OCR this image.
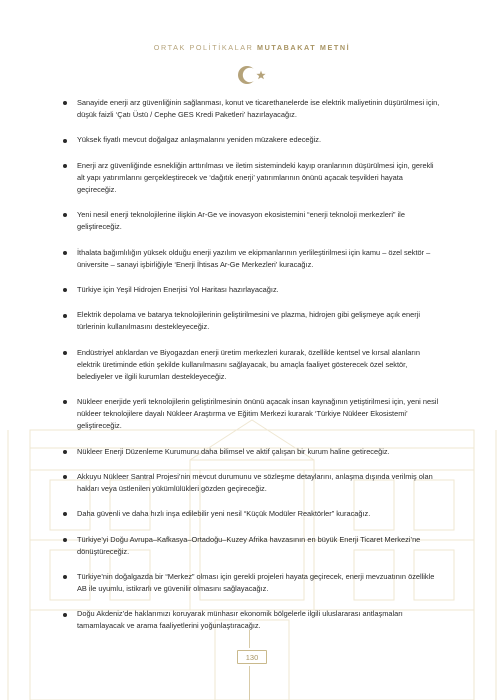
ORTAK POLİTİKALAR MUTABAKAT METNİ
Sanayide enerji arz güvenliğinin sağlanması, konut ve ticarethanelerde ise elektrik maliyetinin düşürülmesi için, düşük faizli ‘Çatı Üstü / Cephe GES Kredi Paketleri’ hazırlayacağız.
Yüksek fiyatlı mevcut doğalgaz anlaşmalarını yeniden müzakere edeceğiz.
Enerji arz güvenliğinde esnekliğin arttırılması ve iletim sistemindeki kayıp oranlarının düşürülmesi için, gerekli alt yapı yatırımlarını gerçekleştirecek ve ‘dağıtık enerji’ yatırımlarının önünü açacak teşvikleri hayata geçireceğiz.
Yeni nesil enerji teknolojilerine ilişkin Ar-Ge ve inovasyon ekosistemini “enerji teknoloji merkezleri” ile geliştireceğiz.
İthalata bağımlılığın yüksek olduğu enerji yazılım ve ekipmanlarının yerlileştirilmesi için kamu – özel sektör – üniversite – sanayi işbirliğiyle ‘Enerji İhtisas Ar-Ge Merkezleri’ kuracağız.
Türkiye için Yeşil Hidrojen Enerjisi Yol Haritası hazırlayacağız.
Elektrik depolama ve batarya teknolojilerinin geliştirilmesini ve plazma, hidrojen gibi gelişmeye açık enerji türlerinin kullanılmasını destekleyeceğiz.
Endüstriyel atıklardan ve Biyogazdan enerji üretim merkezleri kurarak, özellikle kentsel ve kırsal alanların elektrik üretiminde etkin şekilde kullanılmasını sağlayacak, bu amaçla faaliyet gösterecek özel sektör, belediyeler ve ilgili kurumları destekleyeceğiz.
Nükleer enerjide yerli teknolojilerin geliştirilmesinin önünü açacak insan kaynağının yetiştirilmesi için, yeni nesil nükleer teknolojilere dayalı Nükleer Araştırma ve Eğitim Merkezi kurarak ‘Türkiye Nükleer Ekosistemi’ geliştireceğiz.
Nükleer Enerji Düzenleme Kurumunu daha bilimsel ve aktif çalışan bir kurum haline getireceğiz.
Akkuyu Nükleer Santral Projesi’nin mevcut durumunu ve sözleşme detaylarını, anlaşma dışında verilmiş olan hakları veya üstlenilen yükümlülükleri gözden geçireceğiz.
Daha güvenli ve daha hızlı inşa edilebilir yeni nesil “Küçük Modüler Reaktörler” kuracağız.
Türkiye’yi Doğu Avrupa–Kafkasya–Ortadoğu–Kuzey Afrika havzasının en büyük Enerji Ticaret Merkezi’ne dönüştüreceğiz.
Türkiye’nin doğalgazda bir “Merkez” olması için gerekli projeleri hayata geçirecek, enerji mevzuatının özellikle AB ile uyumlu, istikrarlı ve güvenilir olmasını sağlayacağız.
Doğu Akdeniz’de haklarımızı koruyarak münhasır ekonomik bölgelerle ilgili uluslararası antlaşmaları tamamlayacak ve arama faaliyetlerini yoğunlaştıracağız.
130
